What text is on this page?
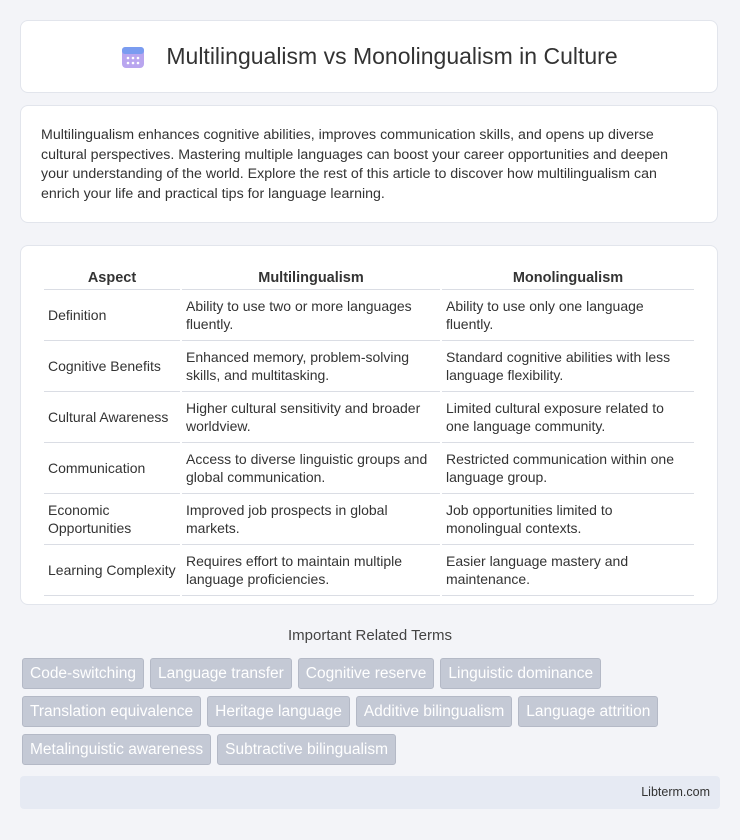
Multilingualism vs Monolingualism in Culture

Multilingualism enhances cognitive abilities, improves communication skills, and opens up diverse cultural perspectives. Mastering multiple languages can boost your career opportunities and deepen your understanding of the world. Explore the rest of this article to discover how multilingualism can enrich your life and practical tips for language learning.

Aspect	Multilingualism	Monolingualism
Definition	Ability to use two or more languages fluently.	Ability to use only one language fluently.
Cognitive Benefits	Enhanced memory, problem-solving skills, and multitasking.	Standard cognitive abilities with less language flexibility.
Cultural Awareness	Higher cultural sensitivity and broader worldview.	Limited cultural exposure related to one language community.
Communication	Access to diverse linguistic groups and global communication.	Restricted communication within one language group.
Economic Opportunities	Improved job prospects in global markets.	Job opportunities limited to monolingual contexts.
Learning Complexity	Requires effort to maintain multiple language proficiencies.	Easier language mastery and maintenance.
Important Related Terms
Code-switching	Language transfer	Cognitive reserve	Linguistic dominance
Translation equivalence	Heritage language	Additive bilingualism	Language attrition
Metalinguistic awareness	Subtractive bilingualism
Libterm.com
